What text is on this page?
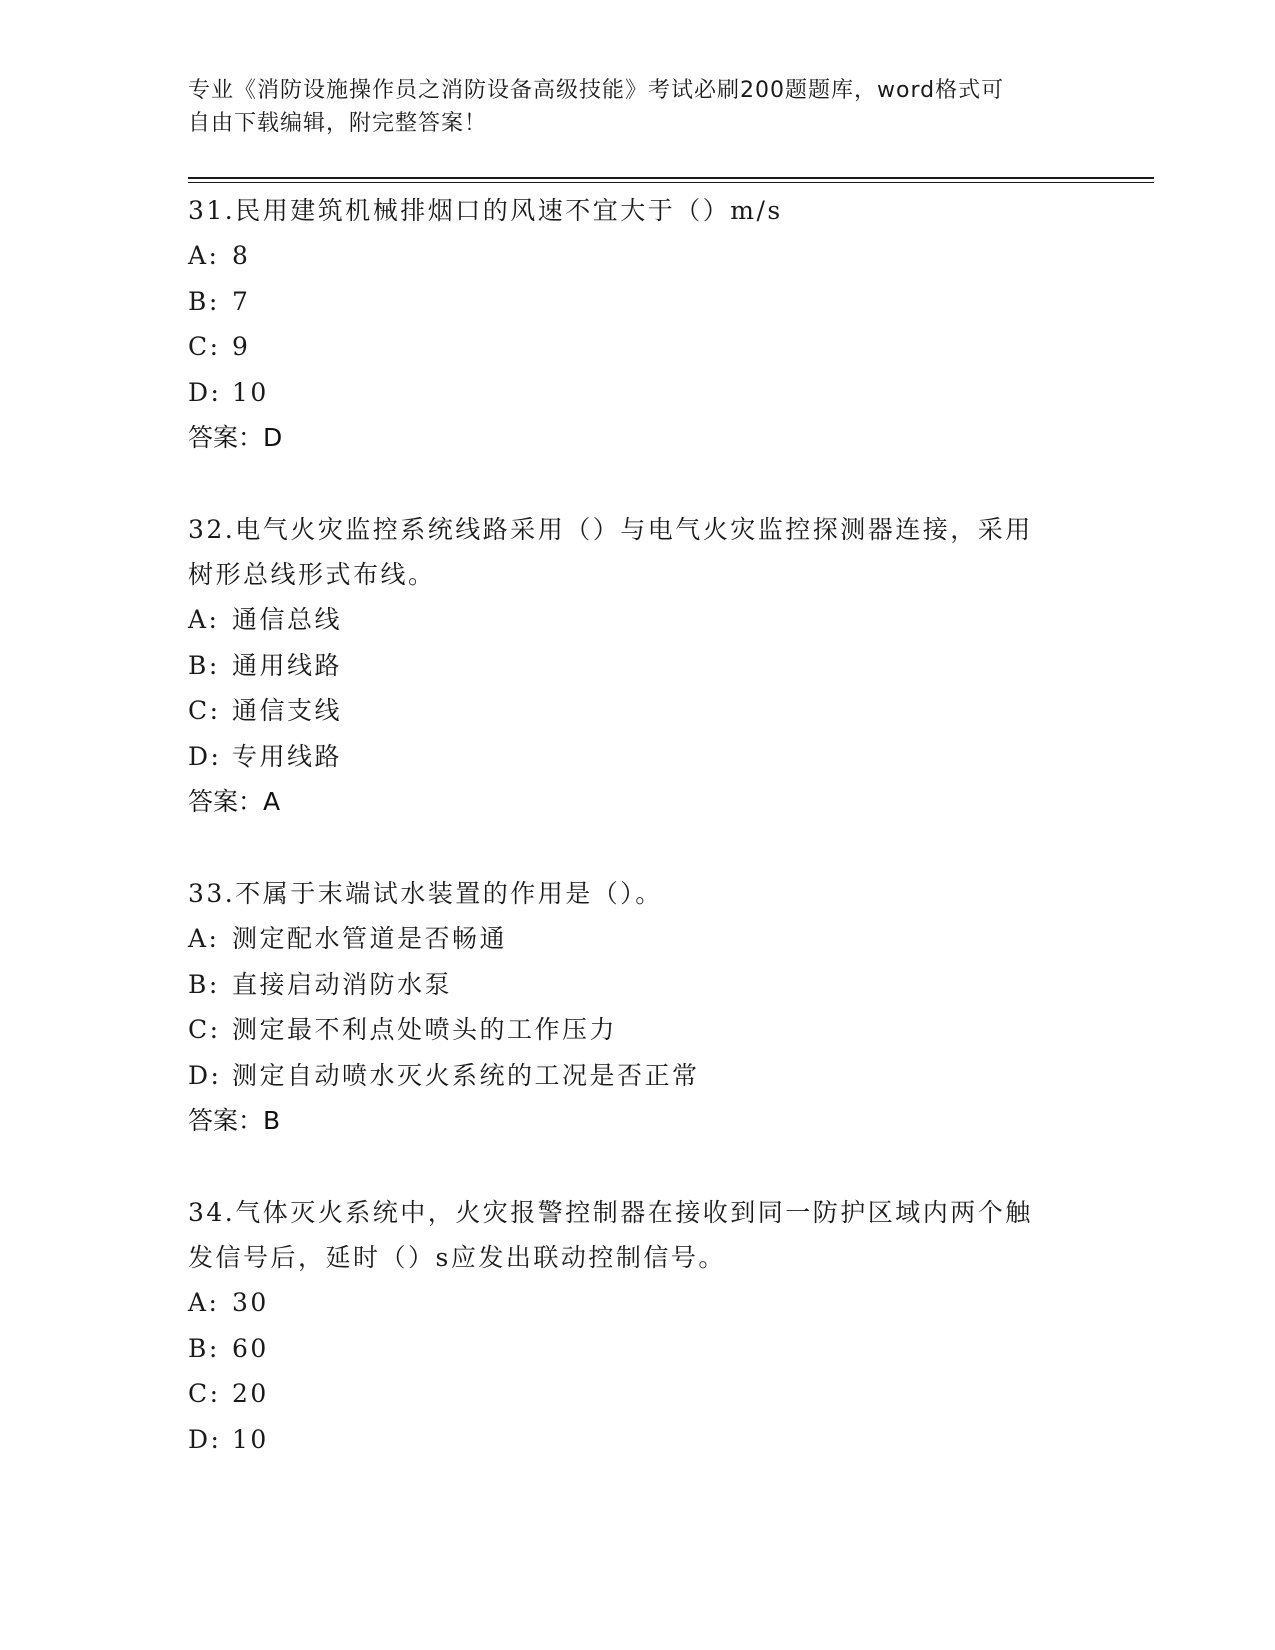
专业《消防设施操作员之消防设备高级技能》考试必刷200题题库，word格式可
自由下载编辑，附完整答案！
31.民用建筑机械排烟口的风速不宜大于（）m/s
A: 8
B: 7
C: 9
D: 10
答案：D
32.电气火灾监控系统线路采用（）与电气火灾监控探测器连接，采用
树形总线形式布线。
A: 通信总线
B: 通用线路
C: 通信支线
D: 专用线路
答案：A
33.不属于末端试水装置的作用是（）。
A: 测定配水管道是否畅通
B: 直接启动消防水泵
C: 测定最不利点处喷头的工作压力
D: 测定自动喷水灭火系统的工况是否正常
答案：B
34.气体灭火系统中，火灾报警控制器在接收到同一防护区域内两个触
发信号后，延时（）s应发出联动控制信号。
A: 30
B: 60
C: 20
D: 10
